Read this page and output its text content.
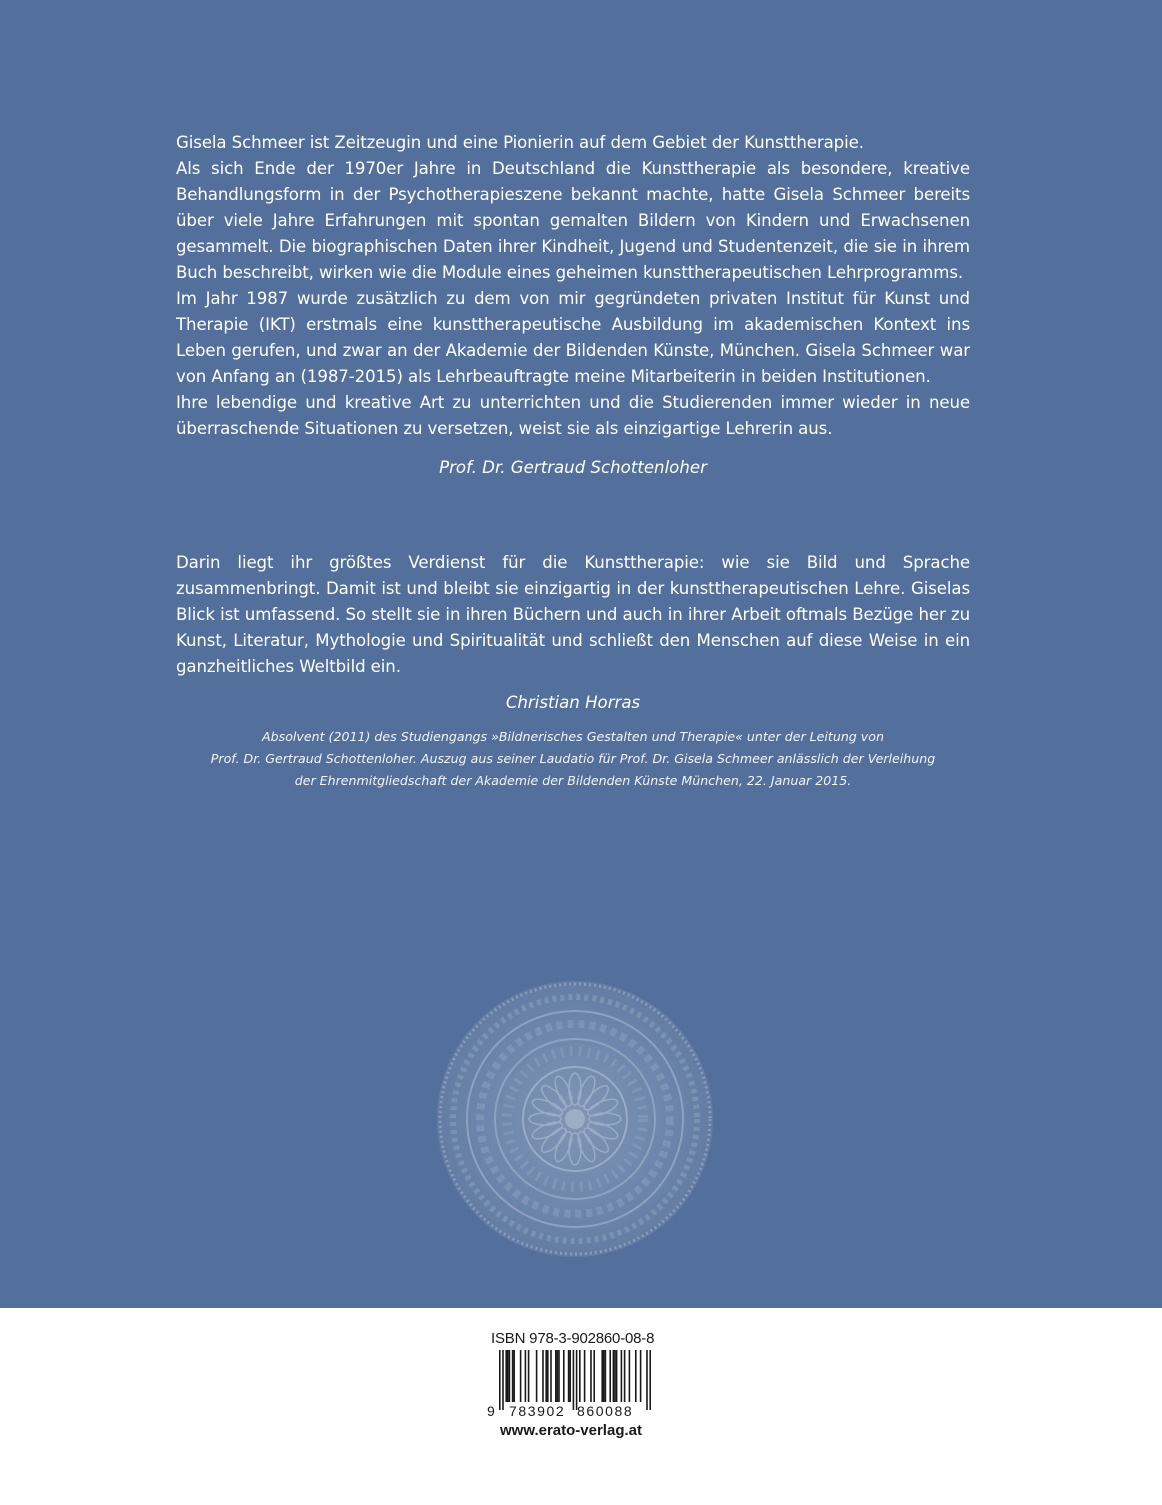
Gisela Schmeer ist Zeitzeugin und eine Pionierin auf dem Gebiet der Kunsttherapie.

Als sich Ende der 1970er Jahre in Deutschland die Kunsttherapie als besondere, kreative Behandlungsform in der Psychotherapieszene bekannt machte, hatte Gisela Schmeer bereits über viele Jahre Erfahrungen mit spontan gemalten Bildern von Kindern und Erwachsenen gesammelt. Die biographischen Daten ihrer Kindheit, Jugend und Studentenzeit, die sie in ihrem Buch beschreibt, wirken wie die Module eines geheimen kunsttherapeutischen Lehrprogramms.

Im Jahr 1987 wurde zusätzlich zu dem von mir gegründeten privaten Institut für Kunst und Therapie (IKT) erstmals eine kunsttherapeutische Ausbildung im akademischen Kontext ins Leben gerufen, und zwar an der Akademie der Bildenden Künste, München. Gisela Schmeer war von Anfang an (1987-2015) als Lehrbeauftragte meine Mitarbeiterin in beiden Institutionen.

Ihre lebendige und kreative Art zu unterrichten und die Studierenden immer wieder in neue überraschende Situationen zu versetzen, weist sie als einzigartige Lehrerin aus.

Prof. Dr. Gertraud Schottenloher

Darin liegt ihr größtes Verdienst für die Kunsttherapie: wie sie Bild und Sprache zusammenbringt. Damit ist und bleibt sie einzigartig in der kunsttherapeutischen Lehre. Giselas Blick ist umfassend. So stellt sie in ihren Büchern und auch in ihrer Arbeit oftmals Bezüge her zu Kunst, Literatur, Mythologie und Spiritualität und schließt den Menschen auf diese Weise in ein ganzheitliches Weltbild ein.

Christian Horras

Absolvent (2011) des Studiengangs »Bildnerisches Gestalten und Therapie« unter der Leitung von
Prof. Dr. Gertraud Schottenloher. Auszug aus seiner Laudatio für Prof. Dr. Gisela Schmeer anlässlich der Verleihung
der Ehrenmitgliedschaft der Akademie der Bildenden Künste München, 22. Januar 2015.

ISBN 978-3-902860-08-8
9 783902 860088
www.erato-verlag.at
